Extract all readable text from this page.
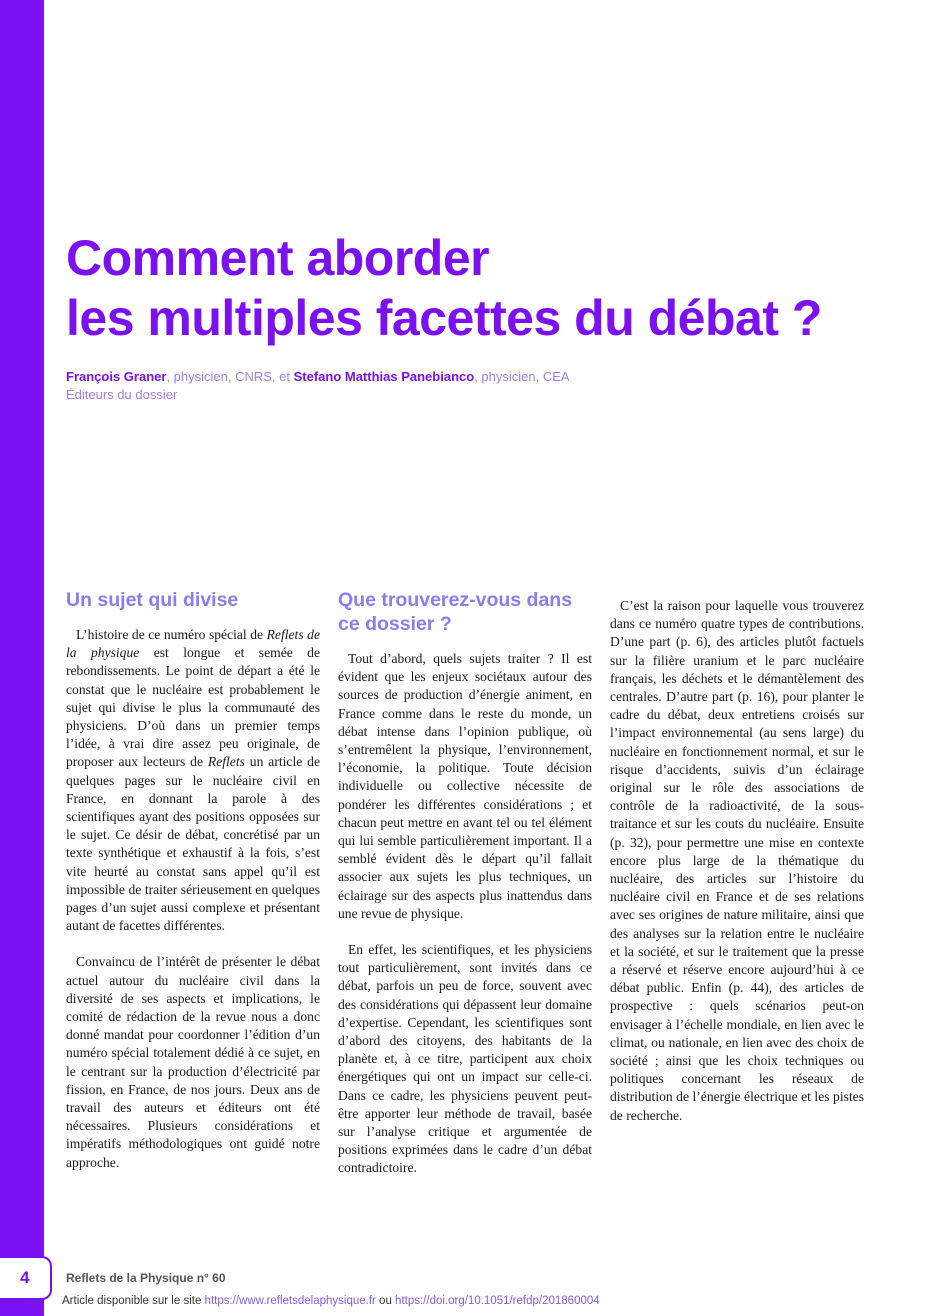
Comment aborder
les multiples facettes du débat ?
François Graner, physicien, CNRS, et Stefano Matthias Panebianco, physicien, CEA
Éditeurs du dossier
Un sujet qui divise

L’histoire de ce numéro spécial de Reflets de la physique est longue et semée de rebondissements. Le point de départ a été le constat que le nucléaire est probablement le sujet qui divise le plus la communauté des physiciens. D’où dans un premier temps l’idée, à vrai dire assez peu originale, de proposer aux lecteurs de Reflets un article de quelques pages sur le nucléaire civil en France, en donnant la parole à des scientifiques ayant des positions opposées sur le sujet. Ce désir de débat, concrétisé par un texte synthétique et exhaustif à la fois, s’est vite heurté au constat sans appel qu’il est impossible de traiter sérieusement en quelques pages d’un sujet aussi complexe et présentant autant de facettes différentes.

Convaincu de l’intérêt de présenter le débat actuel autour du nucléaire civil dans la diversité de ses aspects et implications, le comité de rédaction de la revue nous a donc donné mandat pour coordonner l’édition d’un numéro spécial totalement dédié à ce sujet, en le centrant sur la production d’électricité par fission, en France, de nos jours. Deux ans de travail des auteurs et éditeurs ont été nécessaires. Plusieurs considérations et impératifs méthodologiques ont guidé notre approche.

Que trouverez-vous dans ce dossier ?

Tout d’abord, quels sujets traiter ? Il est évident que les enjeux sociétaux autour des sources de production d’énergie animent, en France comme dans le reste du monde, un débat intense dans l’opinion publique, où s’entremêlent la physique, l’environnement, l’économie, la politique. Toute décision individuelle ou collective nécessite de pondérer les différentes considérations ; et chacun peut mettre en avant tel ou tel élément qui lui semble particulièrement important. Il a semblé évident dès le départ qu’il fallait associer aux sujets les plus techniques, un éclairage sur des aspects plus inattendus dans une revue de physique.

En effet, les scientifiques, et les physiciens tout particulièrement, sont invités dans ce débat, parfois un peu de force, souvent avec des considérations qui dépassent leur domaine d’expertise. Cependant, les scientifiques sont d’abord des citoyens, des habitants de la planète et, à ce titre, participent aux choix énergétiques qui ont un impact sur celle-ci. Dans ce cadre, les physiciens peuvent peut-être apporter leur méthode de travail, basée sur l’analyse critique et argumentée de positions exprimées dans le cadre d’un débat contradictoire.

C’est la raison pour laquelle vous trouverez dans ce numéro quatre types de contributions. D’une part (p. 6), des articles plutôt factuels sur la filière uranium et le parc nucléaire français, les déchets et le démantèlement des centrales. D’autre part (p. 16), pour planter le cadre du débat, deux entretiens croisés sur l’impact environnemental (au sens large) du nucléaire en fonctionnement normal, et sur le risque d’accidents, suivis d’un éclairage original sur le rôle des associations de contrôle de la radioactivité, de la sous-traitance et sur les couts du nucléaire. Ensuite (p. 32), pour permettre une mise en contexte encore plus large de la thématique du nucléaire, des articles sur l’histoire du nucléaire civil en France et de ses relations avec ses origines de nature militaire, ainsi que des analyses sur la relation entre le nucléaire et la société, et sur le traitement que la presse a réservé et réserve encore aujourd’hui à ce débat public. Enfin (p. 44), des articles de prospective : quels scénarios peut-on envisager à l’échelle mondiale, en lien avec le climat, ou nationale, en lien avec des choix de société ; ainsi que les choix techniques ou politiques concernant les réseaux de distribution de l’énergie électrique et les pistes de recherche.

4	Reflets de la Physique n° 60
Article disponible sur le site https://www.refletsdelaphysique.fr ou https://doi.org/10.1051/refdp/201860004
